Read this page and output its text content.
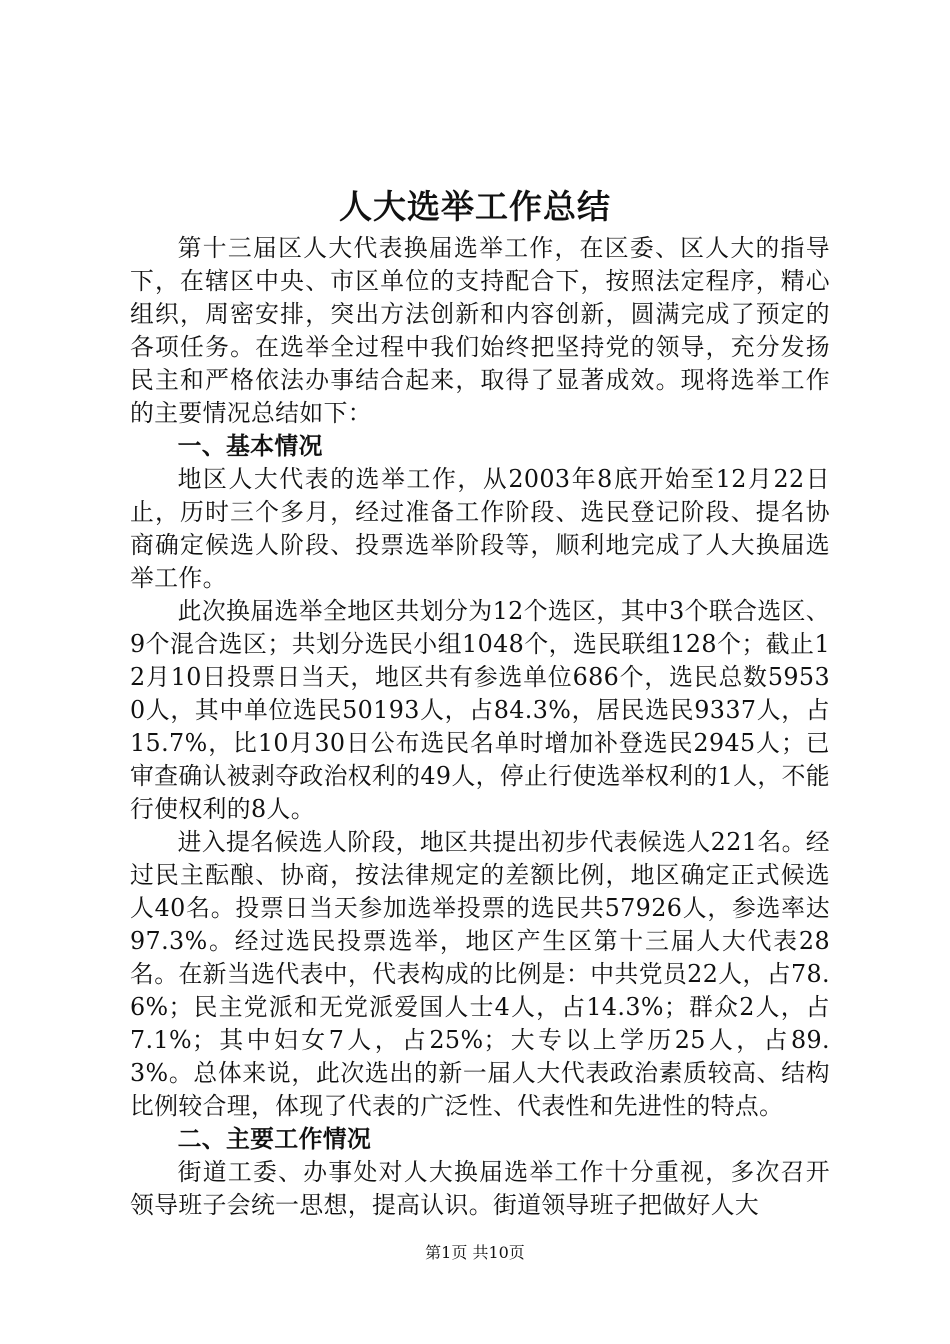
人大选举工作总结

第十三届区人大代表换届选举工作，在区委、区人大的指导下，在辖区中央、市区单位的支持配合下，按照法定程序，精心组织，周密安排，突出方法创新和内容创新，圆满完成了预定的各项任务。在选举全过程中我们始终把坚持党的领导，充分发扬民主和严格依法办事结合起来，取得了显著成效。现将选举工作的主要情况总结如下：

一、基本情况

地区人大代表的选举工作，从2003年8底开始至12月22日止，历时三个多月，经过准备工作阶段、选民登记阶段、提名协商确定候选人阶段、投票选举阶段等，顺利地完成了人大换届选举工作。

此次换届选举全地区共划分为12个选区，其中3个联合选区、9个混合选区；共划分选民小组1048个，选民联组128个；截止12月10日投票日当天，地区共有参选单位686个，选民总数59530人，其中单位选民50193人，占84.3%，居民选民9337人，占15.7%，比10月30日公布选民名单时增加补登选民2945人；已审查确认被剥夺政治权利的49人，停止行使选举权利的1人，不能行使权利的8人。

进入提名候选人阶段，地区共提出初步代表候选人221名。经过民主酝酿、协商，按法律规定的差额比例，地区确定正式候选人40名。投票日当天参加选举投票的选民共57926人，参选率达97.3%。经过选民投票选举，地区产生区第十三届人大代表28名。在新当选代表中，代表构成的比例是：中共党员22人，占78.6%；民主党派和无党派爱国人士4人，占14.3%；群众2人，占7.1%；其中妇女7人，占25%；大专以上学历25人，占89.3%。总体来说，此次选出的新一届人大代表政治素质较高、结构比例较合理，体现了代表的广泛性、代表性和先进性的特点。

二、主要工作情况

街道工委、办事处对人大换届选举工作十分重视，多次召开领导班子会统一思想，提高认识。街道领导班子把做好人大

第1页 共10页
